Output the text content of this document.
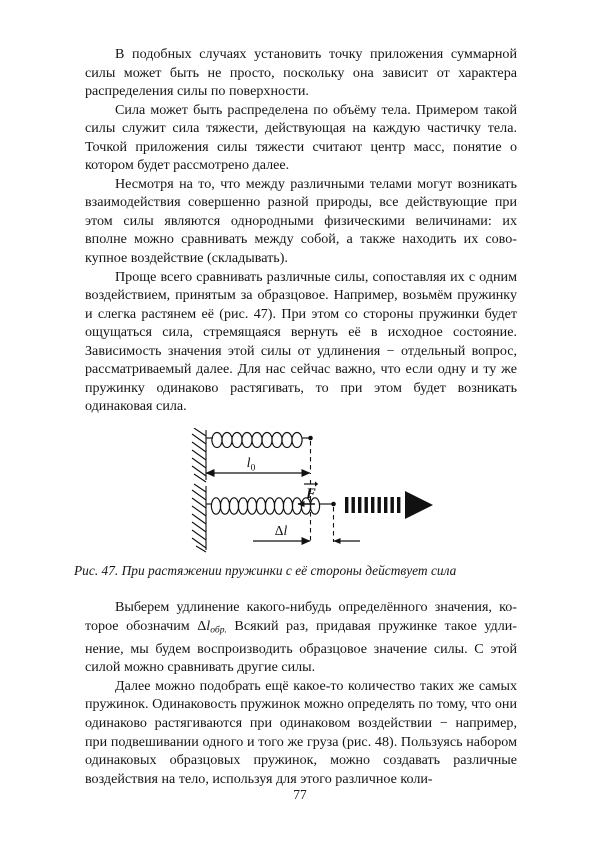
В подобных случаях установить точку приложения суммарной силы может быть не просто, поскольку она зависит от характера распределения силы по поверхности.

Сила может быть распределена по объёму тела. Примером такой силы служит сила тяжести, действующая на каждую частичку тела. Точкой приложения силы тяжести считают центр масс, понятие о котором будет рассмотрено далее.

Несмотря на то, что между различными телами могут возникать взаимодействия совершенно разной природы, все действующие при этом силы являются однородными физическими величинами: их вполне можно сравнивать между собой, а также находить их совокупное воздействие (складывать).

Проще всего сравнивать различные силы, сопоставляя их с одним воздействием, принятым за образцовое. Например, возьмём пружинку и слегка растянем её (рис. 47). При этом со стороны пружинки будет ощущаться сила, стремящаяся вернуть её в исходное состояние. Зависимость значения этой силы от удлинения − отдельный вопрос, рассматриваемый далее. Для нас сейчас важно, что если одну и ту же пружинку одинаково растягивать, то при этом будет возникать одинаковая сила.

$l_0$
F
Δl
Рис. 47. При растяжении пружинки с её стороны действует сила

Выберем удлинение какого-нибудь определённого значения, которое обозначим $\Delta l_{обр.}$ Всякий раз, придавая пружинке такое удлинение, мы будем воспроизводить образцовое значение силы. С этой силой можно сравнивать другие силы.

Далее можно подобрать ещё какое-то количество таких же самых пружинок. Одинаковость пружинок можно определять по тому, что они одинаково растягиваются при одинаковом воздействии − например, при подвешивании одного и того же груза (рис. 48). Пользуясь набором одинаковых образцовых пружинок, можно создавать различные воздействия на тело, используя для этого различное коли-

77
